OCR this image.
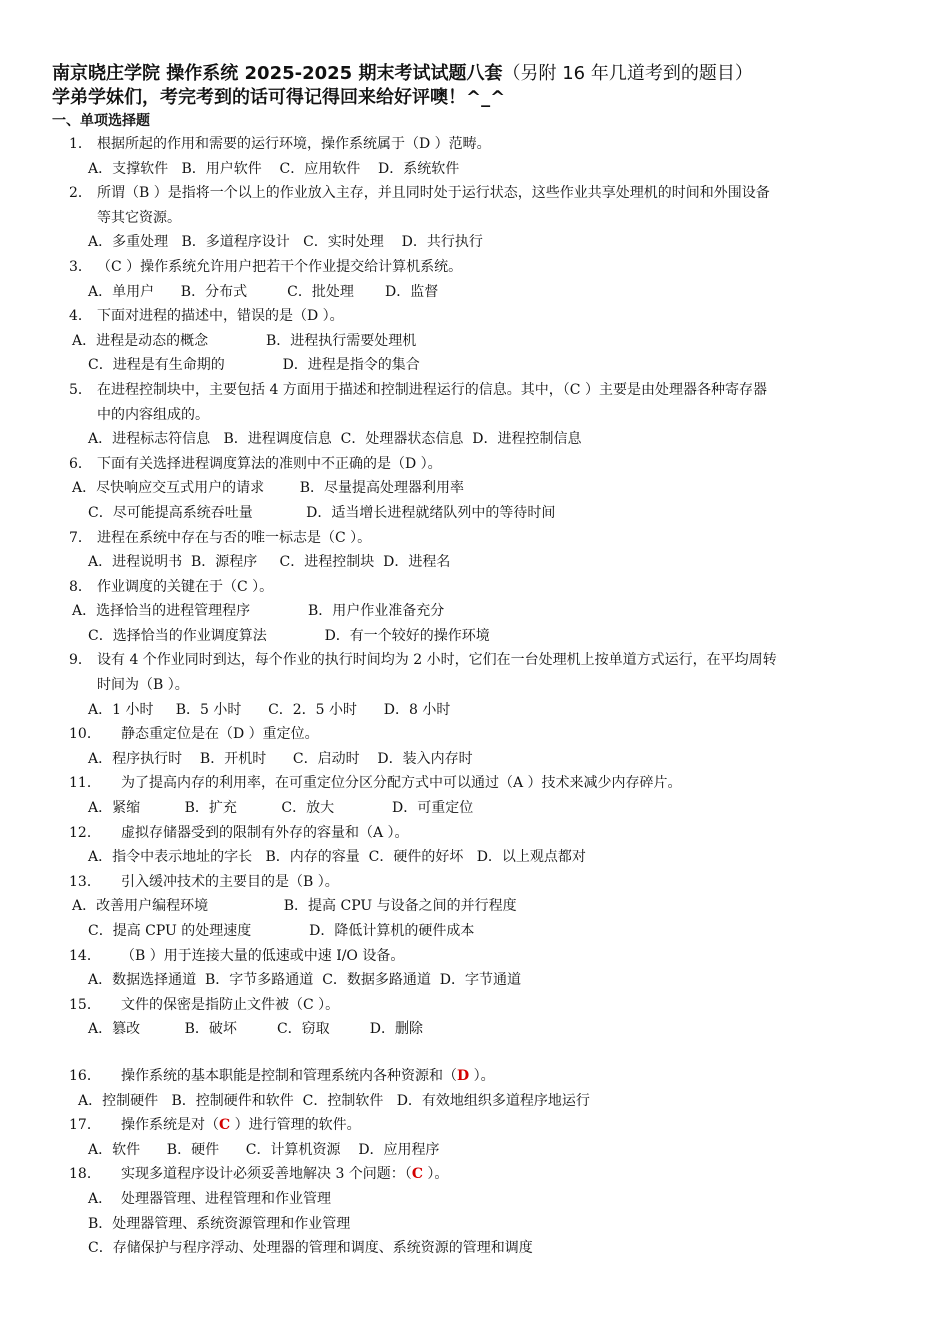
南京晓庄学院 操作系统 2025-2025 期末考试试题八套（另附 16 年几道考到的题目）

学弟学妹们，考完考到的话可得记得回来给好评噢！^_^

一、单项选择题

1． 根据所起的作用和需要的运行环境，操作系统属于（D ）范畴。
A．支撑软件   B．用户软件    C．应用软件    D．系统软件
2． 所谓（B ）是指将一个以上的作业放入主存，并且同时处于运行状态，这些作业共享处理机的时间和外围设备
等其它资源。
A．多重处理   B．多道程序设计   C．实时处理    D．共行执行
3． （C ）操作系统允许用户把若干个作业提交给计算机系统。
A．单用户      B．分布式         C．批处理       D．监督
4． 下面对进程的描述中，错误的是（D ）。
A．进程是动态的概念             B．进程执行需要处理机
C．进程是有生命期的             D．进程是指令的集合
5． 在进程控制块中，主要包括 4 方面用于描述和控制进程运行的信息。其中，（C ）主要是由处理器各种寄存器
中的内容组成的。
A．进程标志符信息   B．进程调度信息  C．处理器状态信息  D．进程控制信息
6． 下面有关选择进程调度算法的准则中不正确的是（D ）。
A．尽快响应交互式用户的请求        B．尽量提高处理器利用率
C．尽可能提高系统吞吐量            D．适当增长进程就绪队列中的等待时间
7． 进程在系统中存在与否的唯一标志是（C ）。
A．进程说明书  B．源程序     C．进程控制块  D．进程名
8． 作业调度的关键在于（C ）。
A．选择恰当的进程管理程序             B．用户作业准备充分
C．选择恰当的作业调度算法             D．有一个较好的操作环境
9． 设有 4 个作业同时到达，每个作业的执行时间均为 2 小时，它们在一台处理机上按单道方式运行，在平均周转
时间为（B ）。
A．1 小时     B．5 小时      C．2．5 小时      D．8 小时
10．	静态重定位是在（D ）重定位。
A．程序执行时    B．开机时      C．启动时    D．装入内存时
11．	为了提高内存的利用率，在可重定位分区分配方式中可以通过（A ）技术来减少内存碎片。
A．紧缩          B．扩充          C．放大             D．可重定位
12．	虚拟存储器受到的限制有外存的容量和（A ）。
A．指令中表示地址的字长   B．内存的容量  C．硬件的好坏   D．以上观点都对
13．	引入缓冲技术的主要目的是（B ）。
A．改善用户编程环境                 B．提高 CPU 与设备之间的并行程度
C．提高 CPU 的处理速度             D．降低计算机的硬件成本
14．	（B ）用于连接大量的低速或中速 I/O 设备。
A．数据选择通道  B．字节多路通道  C．数据多路通道  D．字节通道
15．	文件的保密是指防止文件被（C ）。
A．篡改          B．破坏         C．窃取         D．删除
16．	操作系统的基本职能是控制和管理系统内各种资源和（D ）。
A．控制硬件   B．控制硬件和软件  C．控制软件   D．有效地组织多道程序地运行
17．	操作系统是对（C ）进行管理的软件。
A．软件      B．硬件      C．计算机资源    D．应用程序
18．	实现多道程序设计必须妥善地解决 3 个问题：（C ）。
A．  处理器管理、进程管理和作业管理
B．处理器管理、系统资源管理和作业管理
C．存储保护与程序浮动、处理器的管理和调度、系统资源的管理和调度
